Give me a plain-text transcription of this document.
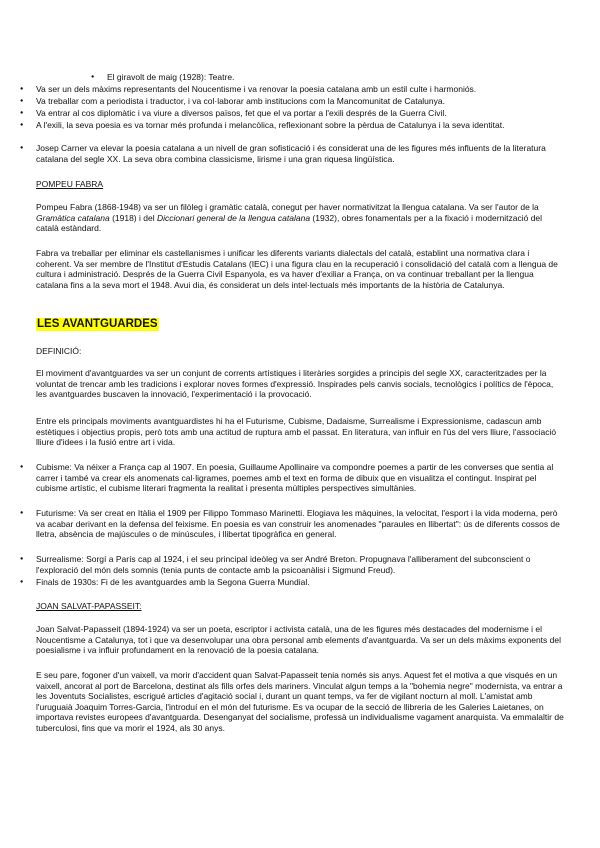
● El giravolt de maig (1928): Teatre.
● Va ser un dels màxims representants del Noucentisme i va renovar la poesia catalana amb un estil culte i harmoniós.
● Va treballar com a periodista i traductor, i va col·laborar amb institucions com la Mancomunitat de Catalunya.
● Va entrar al cos diplomàtic i va viure a diversos països, fet que el va portar a l'exili després de la Guerra Civil.
● A l'exili, la seva poesia es va tornar més profunda i melancòlica, reflexionant sobre la pèrdua de Catalunya i la seva identitat.
● Josep Carner va elevar la poesia catalana a un nivell de gran sofisticació i és considerat una de les figures més influents de la literatura catalana del segle XX. La seva obra combina classicisme, lirisme i una gran riquesa lingüística.
POMPEU FABRA
Pompeu Fabra (1868-1948) va ser un filòleg i gramàtic català, conegut per haver normativitzat la llengua catalana. Va ser l'autor de la Gramàtica catalana (1918) i del Diccionari general de la llengua catalana (1932), obres fonamentals per a la fixació i modernització del català estàndard.
Fabra va treballar per eliminar els castellanismes i unificar les diferents variants dialectals del català, establint una normativa clara i coherent. Va ser membre de l'Institut d'Estudis Catalans (IEC) i una figura clau en la recuperació i consolidació del català com a llengua de cultura i administració. Després de la Guerra Civil Espanyola, es va haver d'exiliar a França, on va continuar treballant per la llengua catalana fins a la seva mort el 1948. Avui dia, és considerat un dels intel·lectuals més importants de la història de Catalunya.
LES AVANTGUARDES
DEFINICIÓ:
El moviment d'avantguardes va ser un conjunt de corrents artístiques i literàries sorgides a principis del segle XX, caracteritzades per la voluntat de trencar amb les tradicions i explorar noves formes d'expressió. Inspirades pels canvis socials, tecnològics i polítics de l'època, les avantguardes buscaven la innovació, l'experimentació i la provocació.
Entre els principals moviments avantguardistes hi ha el Futurisme, Cubisme, Dadaisme, Surrealisme i Expressionisme, cadascun amb estètiques i objectius propis, però tots amb una actitud de ruptura amb el passat. En literatura, van influir en l'ús del vers lliure, l'associació lliure d'idees i la fusió entre art i vida.
● Cubisme: Va néixer a França cap al 1907. En poesia, Guillaume Apollinaire va compondre poemes a partir de les converses que sentia al carrer i també va crear els anomenats cal·ligrames, poemes amb el text en forma de dibuix que en visualitza el contingut. Inspirat pel cubisme artístic, el cubisme literari fragmenta la realitat i presenta múltiples perspectives simultànies.
● Futurisme: Va ser creat en Itàlia el 1909 per Filippo Tommaso Marinetti. Elogiava les màquines, la velocitat, l'esport i la vida moderna, però va acabar derivant en la defensa del feixisme. En poesia es van construir les anomenades "paraules en llibertat": ús de diferents cossos de lletra, absència de majúscules o de minúscules, i llibertat tipogràfica en general.
● Surrealisme: Sorgí a París cap al 1924, i el seu principal ideòleg va ser André Breton. Propugnava l'alliberament del subconscient o l'exploració del món dels somnis (tenia punts de contacte amb la psicoanàlisi i Sigmund Freud).
● Finals de 1930s: Fi de les avantguardes amb la Segona Guerra Mundial.
JOAN SALVAT-PAPASSEIT:
Joan Salvat-Papasseit (1894-1924) va ser un poeta, escriptor i activista català, una de les figures més destacades del modernisme i el Noucentisme a Catalunya, tot i que va desenvolupar una obra personal amb elements d'avantguarda. Va ser un dels màxims exponents del poesialisme i va influir profundament en la renovació de la poesia catalana.
E seu pare, fogoner d'un vaixell, va morir d'accident quan Salvat-Papasseit tenia només sis anys. Aquest fet el motiva a que visqués en un vaixell, ancorat al port de Barcelona, destinat als fills orfes dels mariners. Vinculat algun temps a la "bohemia negre" modernista, va entrar a les Joventuts Socialistes, escrigué articles d'agitació social i, durant un quant temps, va fer de vigilant nocturn al moll. L'amistat amb l'uruguaià Joaquim Torres-Garcia, l'introduí en el món del futurisme. Es va ocupar de la secció de llibreria de les Galeries Laietanes, on importava revistes europees d'avantguarda. Desenganyat del socialisme, professà un individualisme vagament anarquista. Va emmalaltir de tuberculosi, fins que va morir el 1924, als 30 anys.
